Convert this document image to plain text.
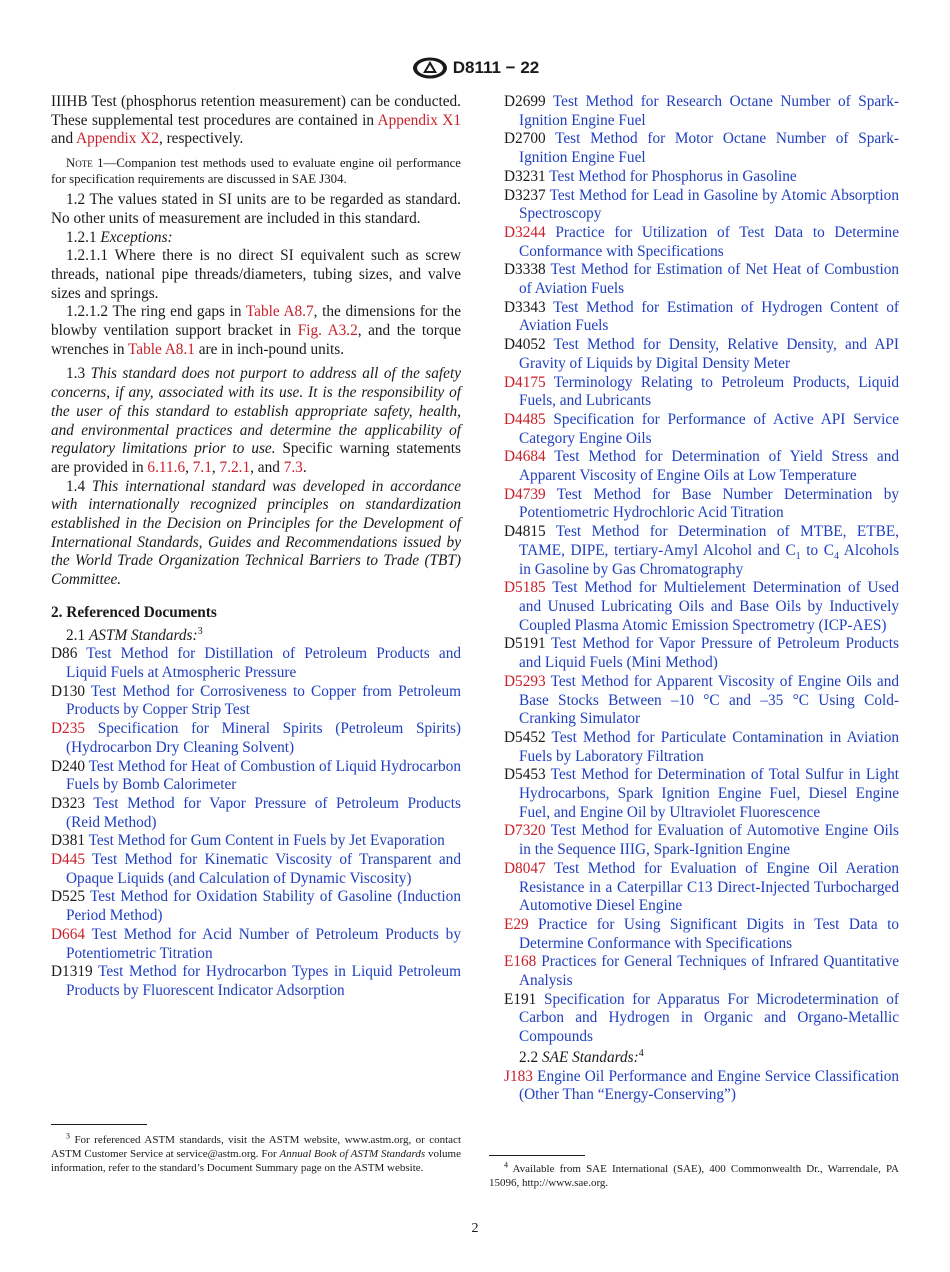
D8111 − 22

IIIHB Test (phosphorus retention measurement) can be conducted. These supplemental test procedures are contained in Appendix X1 and Appendix X2, respectively.

Note 1—Companion test methods used to evaluate engine oil performance for specification requirements are discussed in SAE J304.

1.2 The values stated in SI units are to be regarded as standard. No other units of measurement are included in this standard.

1.2.1 Exceptions:

1.2.1.1 Where there is no direct SI equivalent such as screw threads, national pipe threads/diameters, tubing sizes, and valve sizes and springs.

1.2.1.2 The ring end gaps in Table A8.7, the dimensions for the blowby ventilation support bracket in Fig. A3.2, and the torque wrenches in Table A8.1 are in inch-pound units.

1.3 This standard does not purport to address all of the safety concerns, if any, associated with its use. It is the responsibility of the user of this standard to establish appropriate safety, health, and environmental practices and determine the applicability of regulatory limitations prior to use. Specific warning statements are provided in 6.11.6, 7.1, 7.2.1, and 7.3.

1.4 This international standard was developed in accordance with internationally recognized principles on standardization established in the Decision on Principles for the Development of International Standards, Guides and Recommendations issued by the World Trade Organization Technical Barriers to Trade (TBT) Committee.

2. Referenced Documents

2.1 ASTM Standards:$^3$

D86 Test Method for Distillation of Petroleum Products and Liquid Fuels at Atmospheric Pressure

D130 Test Method for Corrosiveness to Copper from Petroleum Products by Copper Strip Test

D235 Specification for Mineral Spirits (Petroleum Spirits) (Hydrocarbon Dry Cleaning Solvent)

D240 Test Method for Heat of Combustion of Liquid Hydrocarbon Fuels by Bomb Calorimeter

D323 Test Method for Vapor Pressure of Petroleum Products (Reid Method)

D381 Test Method for Gum Content in Fuels by Jet Evaporation

D445 Test Method for Kinematic Viscosity of Transparent and Opaque Liquids (and Calculation of Dynamic Viscosity)

D525 Test Method for Oxidation Stability of Gasoline (Induction Period Method)

D664 Test Method for Acid Number of Petroleum Products by Potentiometric Titration

D1319 Test Method for Hydrocarbon Types in Liquid Petroleum Products by Fluorescent Indicator Adsorption

D2699 Test Method for Research Octane Number of Spark-Ignition Engine Fuel

D2700 Test Method for Motor Octane Number of Spark-Ignition Engine Fuel

D3231 Test Method for Phosphorus in Gasoline

D3237 Test Method for Lead in Gasoline by Atomic Absorption Spectroscopy

D3244 Practice for Utilization of Test Data to Determine Conformance with Specifications

D3338 Test Method for Estimation of Net Heat of Combustion of Aviation Fuels

D3343 Test Method for Estimation of Hydrogen Content of Aviation Fuels

D4052 Test Method for Density, Relative Density, and API Gravity of Liquids by Digital Density Meter

D4175 Terminology Relating to Petroleum Products, Liquid Fuels, and Lubricants

D4485 Specification for Performance of Active API Service Category Engine Oils

D4684 Test Method for Determination of Yield Stress and Apparent Viscosity of Engine Oils at Low Temperature

D4739 Test Method for Base Number Determination by Potentiometric Hydrochloric Acid Titration

D4815 Test Method for Determination of MTBE, ETBE, TAME, DIPE, tertiary-Amyl Alcohol and $C_1$ to $C_4$ Alcohols in Gasoline by Gas Chromatography

D5185 Test Method for Multielement Determination of Used and Unused Lubricating Oils and Base Oils by Inductively Coupled Plasma Atomic Emission Spectrometry (ICP-AES)

D5191 Test Method for Vapor Pressure of Petroleum Products and Liquid Fuels (Mini Method)

D5293 Test Method for Apparent Viscosity of Engine Oils and Base Stocks Between –10 °C and –35 °C Using Cold-Cranking Simulator

D5452 Test Method for Particulate Contamination in Aviation Fuels by Laboratory Filtration

D5453 Test Method for Determination of Total Sulfur in Light Hydrocarbons, Spark Ignition Engine Fuel, Diesel Engine Fuel, and Engine Oil by Ultraviolet Fluorescence

D7320 Test Method for Evaluation of Automotive Engine Oils in the Sequence IIIG, Spark-Ignition Engine

D8047 Test Method for Evaluation of Engine Oil Aeration Resistance in a Caterpillar C13 Direct-Injected Turbocharged Automotive Diesel Engine

E29 Practice for Using Significant Digits in Test Data to Determine Conformance with Specifications

E168 Practices for General Techniques of Infrared Quantitative Analysis

E191 Specification for Apparatus For Microdetermination of Carbon and Hydrogen in Organic and Organo-Metallic Compounds

2.2 SAE Standards:$^4$

J183 Engine Oil Performance and Engine Service Classification (Other Than “Energy-Conserving”)

$^3$ For referenced ASTM standards, visit the ASTM website, www.astm.org, or contact ASTM Customer Service at service@astm.org. For Annual Book of ASTM Standards volume information, refer to the standard’s Document Summary page on the ASTM website.	$^4$ Available from SAE International (SAE), 400 Commonwealth Dr., Warrendale, PA 15096, http://www.sae.org.

2
